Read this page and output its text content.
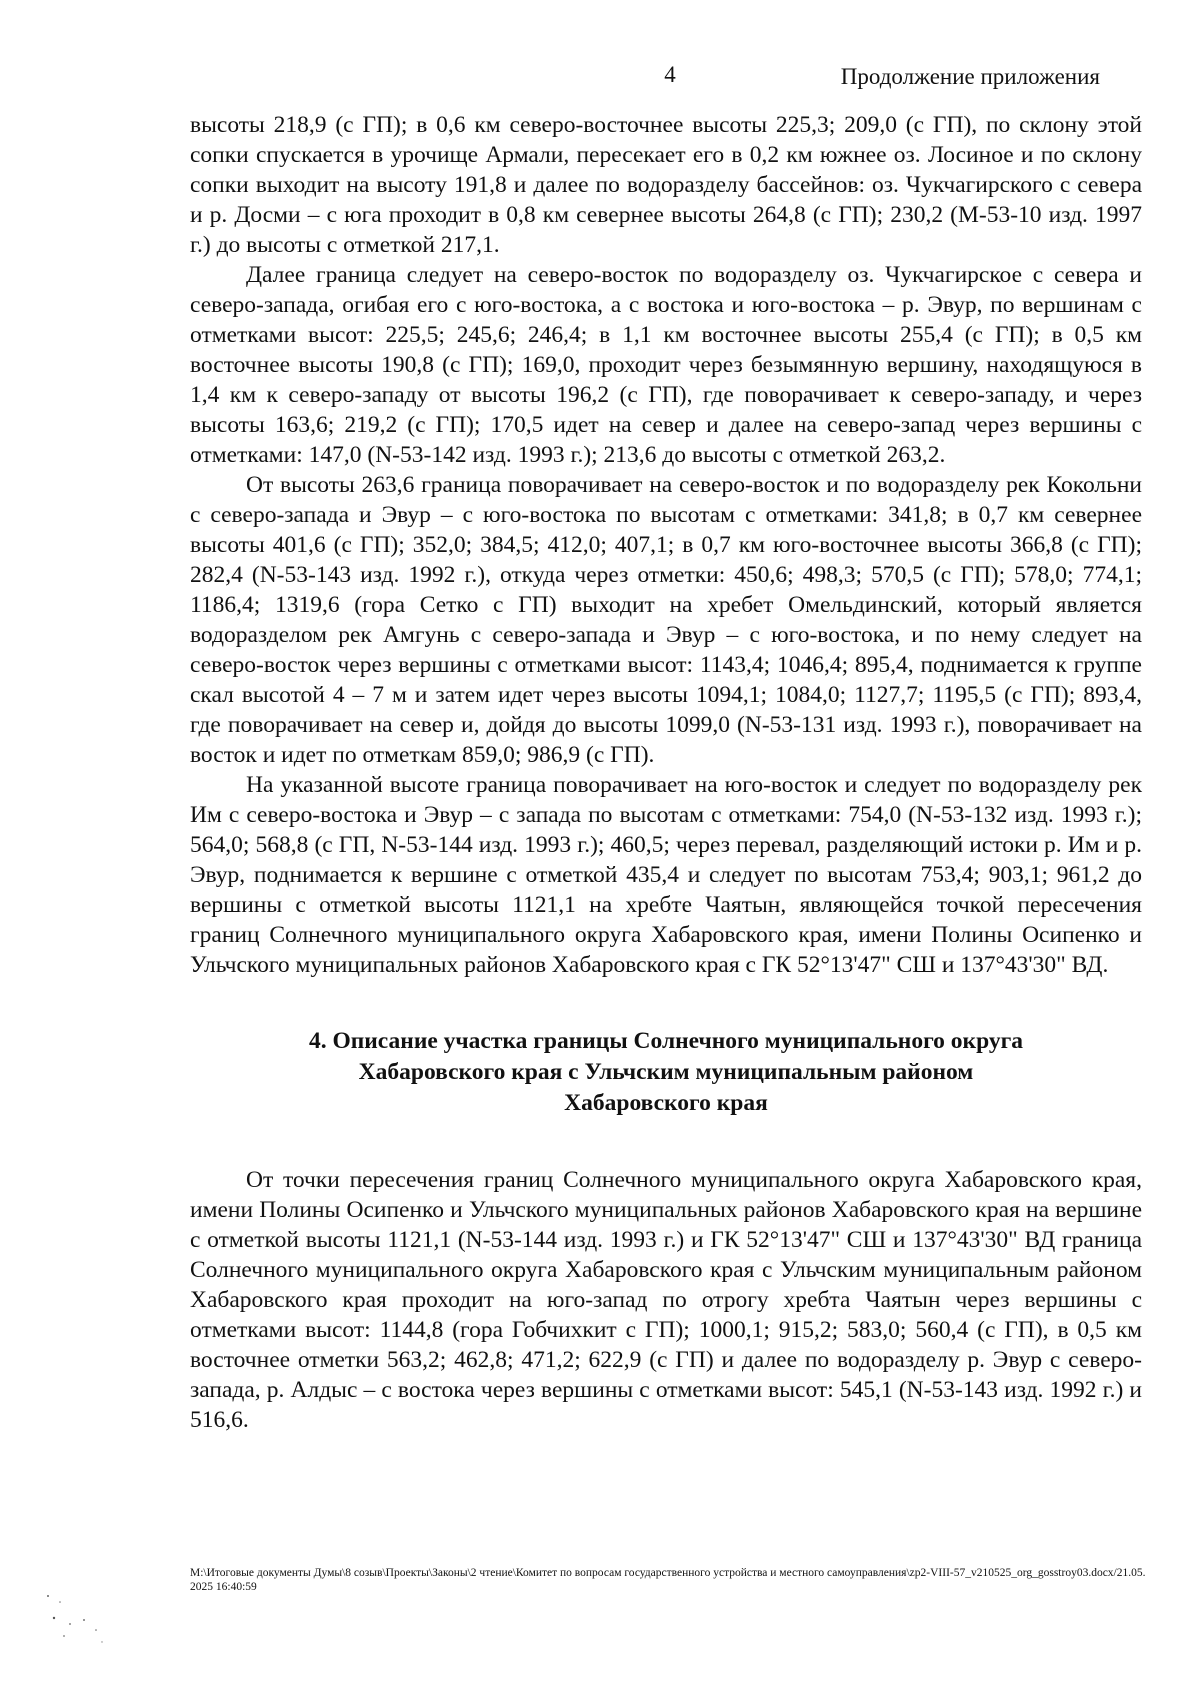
4	Продолжение приложения

высоты 218,9 (с ГП); в 0,6 км северо-восточнее высоты 225,3; 209,0 (с ГП), по склону этой сопки спускается в урочище Армали, пересекает его в 0,2 км южнее оз. Лосиное и по склону сопки выходит на высоту 191,8 и далее по водоразделу бассейнов: оз. Чукчагирского с севера и р. Досми – с юга проходит в 0,8 км севернее высоты 264,8 (с ГП); 230,2 (М-53-10 изд. 1997 г.) до высоты с отметкой 217,1.

Далее граница следует на северо-восток по водоразделу оз. Чукчагирское с севера и северо-запада, огибая его с юго-востока, а с востока и юго-востока – р. Эвур, по вершинам с отметками высот: 225,5; 245,6; 246,4; в 1,1 км восточнее высоты 255,4 (с ГП); в 0,5 км восточнее высоты 190,8 (с ГП); 169,0, проходит через безымянную вершину, находящуюся в 1,4 км к северо-западу от высоты 196,2 (с ГП), где поворачивает к северо-западу, и через высоты 163,6; 219,2 (с ГП); 170,5 идет на север и далее на северо-запад через вершины с отметками: 147,0 (N-53-142 изд. 1993 г.); 213,6 до высоты с отметкой 263,2.

От высоты 263,6 граница поворачивает на северо-восток и по водоразделу рек Кокольни с северо-запада и Эвур – с юго-востока по высотам с отметками: 341,8; в 0,7 км севернее высоты 401,6 (с ГП); 352,0; 384,5; 412,0; 407,1; в 0,7 км юго-восточнее высоты 366,8 (с ГП); 282,4 (N-53-143 изд. 1992 г.), откуда через отметки: 450,6; 498,3; 570,5 (с ГП); 578,0; 774,1; 1186,4; 1319,6 (гора Сетко с ГП) выходит на хребет Омельдинский, который является водоразделом рек Амгунь с северо-запада и Эвур – с юго-востока, и по нему следует на северо-восток через вершины с отметками высот: 1143,4; 1046,4; 895,4, поднимается к группе скал высотой 4 – 7 м и затем идет через высоты 1094,1; 1084,0; 1127,7; 1195,5 (с ГП); 893,4, где поворачивает на север и, дойдя до высоты 1099,0 (N-53-131 изд. 1993 г.), поворачивает на восток и идет по отметкам 859,0; 986,9 (с ГП).

На указанной высоте граница поворачивает на юго-восток и следует по водоразделу рек Им с северо-востока и Эвур – с запада по высотам с отметками: 754,0 (N-53-132 изд. 1993 г.); 564,0; 568,8 (с ГП, N-53-144 изд. 1993 г.); 460,5; через перевал, разделяющий истоки р. Им и р. Эвур, поднимается к вершине с отметкой 435,4 и следует по высотам 753,4; 903,1; 961,2 до вершины с отметкой высоты 1121,1 на хребте Чаятын, являющейся точкой пересечения границ Солнечного муниципального округа Хабаровского края, имени Полины Осипенко и Ульчского муниципальных районов Хабаровского края с ГК 52°13'47" СШ и 137°43'30" ВД.

4. Описание участка границы Солнечного муниципального округа
Хабаровского края с Ульчским муниципальным районом
Хабаровского края

От точки пересечения границ Солнечного муниципального округа Хабаровского края, имени Полины Осипенко и Ульчского муниципальных районов Хабаровского края на вершине с отметкой высоты 1121,1 (N-53-144 изд. 1993 г.) и ГК 52°13'47" СШ и 137°43'30" ВД граница Солнечного муниципального округа Хабаровского края с Ульчским муниципальным районом Хабаровского края проходит на юго-запад по отрогу хребта Чаятын через вершины с отметками высот: 1144,8 (гора Гобчихкит с ГП); 1000,1; 915,2; 583,0; 560,4 (с ГП), в 0,5 км восточнее отметки 563,2; 462,8; 471,2; 622,9 (с ГП) и далее по водоразделу р. Эвур с северо-запада, р. Алдыс – с востока через вершины с отметками высот: 545,1 (N-53-143 изд. 1992 г.) и 516,6.

М:\Итоговые документы Думы\8 созыв\Проекты\Законы\2 чтение\Комитет по вопросам государственного устройства и местного самоуправления\zp2-VIII-57_v210525_org_gosstroy03.docx/21.05.2025 16:40:59
